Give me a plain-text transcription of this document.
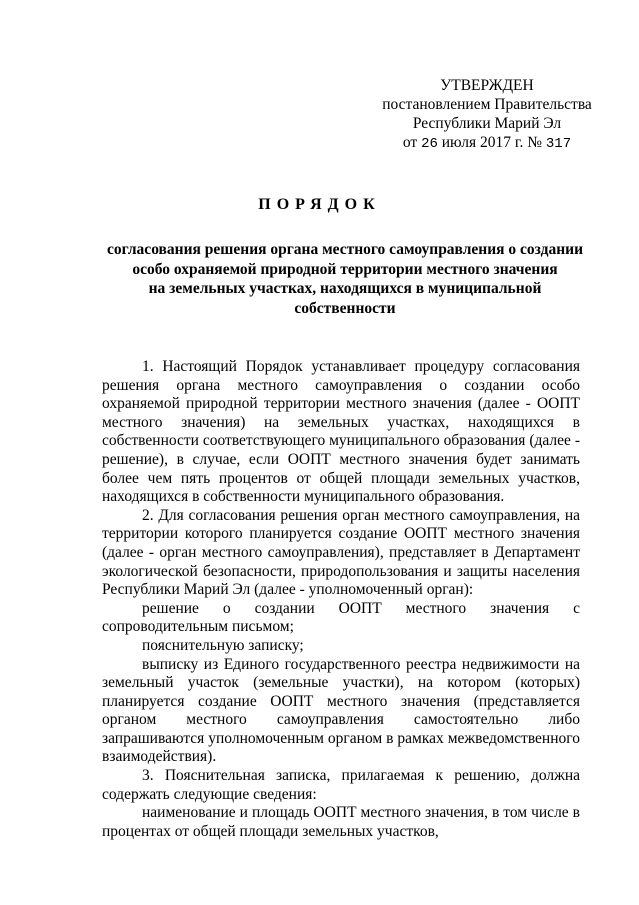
УТВЕРЖДЕН
постановлением Правительства
Республики Марий Эл
от 26 июля 2017 г. № 317
ПОРЯДОК
согласования решения органа местного самоуправления о создании
особо охраняемой природной территории местного значения
на земельных участках, находящихся в муниципальной
собственности

1. Настоящий Порядок устанавливает процедуру согласования решения органа местного самоуправления о создании особо охраняемой природной территории местного значения (далее - ООПТ местного значения) на земельных участках, находящихся в собственности соответствующего муниципального образования (далее - решение), в случае, если ООПТ местного значения будет занимать более чем пять процентов от общей площади земельных участков, находящихся в собственности муниципального образования.

2. Для согласования решения орган местного самоуправления, на территории которого планируется создание ООПТ местного значения (далее - орган местного самоуправления), представляет в Департамент экологической безопасности, природопользования и защиты населения Республики Марий Эл (далее - уполномоченный орган):

решение о создании ООПТ местного значения с сопроводительным письмом;

пояснительную записку;

выписку из Единого государственного реестра недвижимости на земельный участок (земельные участки), на котором (которых) планируется создание ООПТ местного значения (представляется органом местного самоуправления самостоятельно либо запрашиваются уполномоченным органом в рамках межведомственного взаимодействия).

3. Пояснительная записка, прилагаемая к решению, должна содержать следующие сведения:

наименование и площадь ООПТ местного значения, в том числе в процентах от общей площади земельных участков,
